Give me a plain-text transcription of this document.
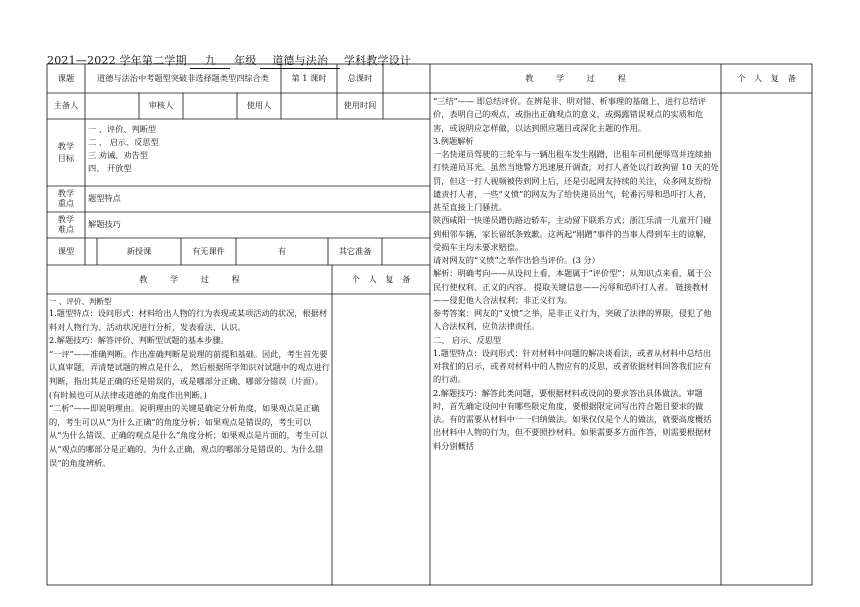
2021—2022 学年第二学期 九 年级 道德与法治 学科教学设计
课题	道德与法治中考题型突破非选择题类型四综合类	第 1 课时	总课时	教 学 过 程	个 人 复 备
主备人	审核人	使用人	使用时间
教学目标
一 、评价、判断型
二 、 启示、反思型
三 劝诫、劝告型
四、 开放型
教学重点	题型特点
教学难点	解题技巧
课型	新授课	有无课件	有	其它准备
教 学 过 程	个 人 复 备
一 、评价、判断型
1.题型特点：设问形式：材料给出人物的行为表现或某项活动的状况，根据材料对人物行为、活动状况进行分析，发表看法、认识。
2.解题技巧：解答评价、判断型试题的基本步骤。
“一评”——准确判断。作出准确判断是说理的前提和基础。因此，考生首先要认真审题，弄清楚试题的辨点是什么， 然后根据所学知识对试题中的观点进行判断，指出其是正确的还是错误的，或是哪部分正确、哪部分错误（片面）。(有时候也可从法律或道德的角度作出判断。)
“二析”——即说明理由。说明理由的关键是确定分析角度，如果观点是正确的，考生可以从“为什么正确”的角度分析；如果观点是错误的，考生可以从“为什么错误、正确的观点是什么”角度分析；如果观点是片面的，考生可以从“观点的哪部分是正确的、为什么正确，观点的哪部分是错误的、为什么错误”的角度辨析。
“三结”—— 即总结评价。在辨是非、明对错、析事理的基础上，进行总结评价，表明自己的观点，或指出正确观点的意义，或揭露错误观点的实质和危害，或说明应怎样做，以达到照应题目或深化主题的作用。
3.例题解析
一名快递员驾驶的三轮车与一辆出租车发生剐蹭，出租车司机便辱骂并连续抽打快递员耳光。虽然当地警方迅速展开调查，对打人者处以行政拘留 10 天的处罚，但这一打人视频被传到网上后，还是引起网友持续的关注，众多网友纷纷谴责打人者，一些“义愤”的网友为了给快递员出气，轮番污辱和恐吓打人者，甚至直接上门骚扰。
陕西咸阳一快递员蹭伤路边轿车，主动留下联系方式；浙江乐清一儿童开门碰到相邻车辆，家长留纸条致歉。这两起“剐蹭”事件的当事人得到车主的谅解，受损车主均未要求赔偿。
请对网友的“义愤”之举作出恰当评价。(3 分）
解析：明确考向——从设问上看，本题属于“评价型”；从知识点来看，属于公民行使权利、正义的内容。 提取关键信息——污辱和恐吓打人者。 链接教材——侵犯他人合法权利；非正义行为。
参考答案：网友的“义愤”之举，是非正义行为，突破了法律的界限，侵犯了他人合法权利，应负法律责任。
二、 启示、反思型
1.题型特点：设问形式：针对材料中问题的解决谈看法，或者从材料中总结出对我们的启示，或者对材料中的人物应有的反思，或者依据材料回答我们应有的行动。
2.解题技巧：解答此类问题，要根据材料或设问的要求答出具体做法。审题时，首先确定设问中有哪些限定角度，要根据限定词写出符合题目要求的做法。有的需要从材料中一一归纳做法。如果仅仅是个人的做法，就要高度概括出材料中人物的行为，但不要照抄材料。如果需要多方面作答，则需要根据材料分别概括
